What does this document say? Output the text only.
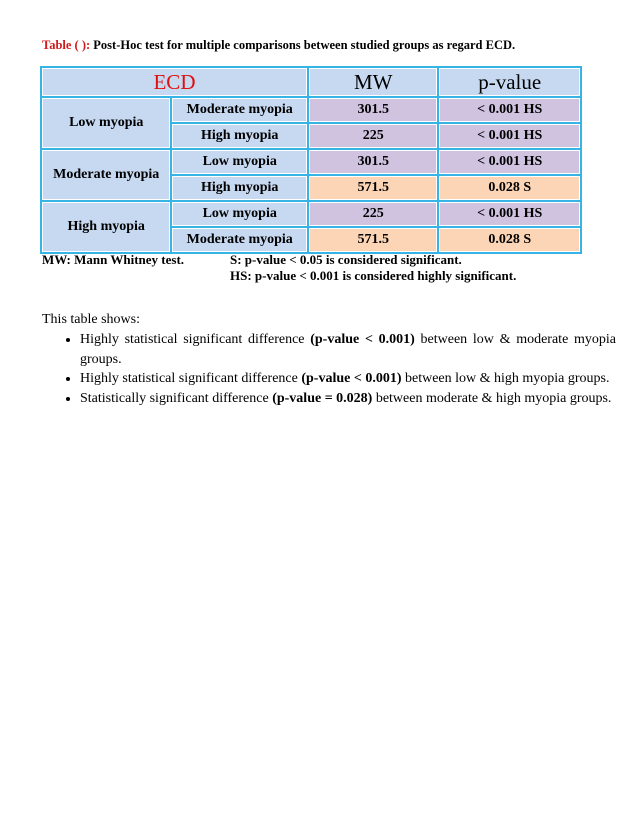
Table ( ): Post-Hoc test for multiple comparisons between studied groups as regard ECD.
ECD		MW	p-value
Low myopia	Moderate myopia	301.5	< 0.001 HS
	High myopia	225	< 0.001 HS
Moderate myopia	Low myopia	301.5	< 0.001 HS
	High myopia	571.5	0.028 S
High myopia	Low myopia	225	< 0.001 HS
	Moderate myopia	571.5	0.028 S
MW: Mann Whitney test.	S: p-value < 0.05 is considered significant.
HS: p-value < 0.001 is considered highly significant.
This table shows:
• Highly statistical significant difference (p-value < 0.001) between low & moderate myopia groups.
• Highly statistical significant difference (p-value < 0.001) between low & high myopia groups.
• Statistically significant difference (p-value = 0.028) between moderate & high myopia groups.
